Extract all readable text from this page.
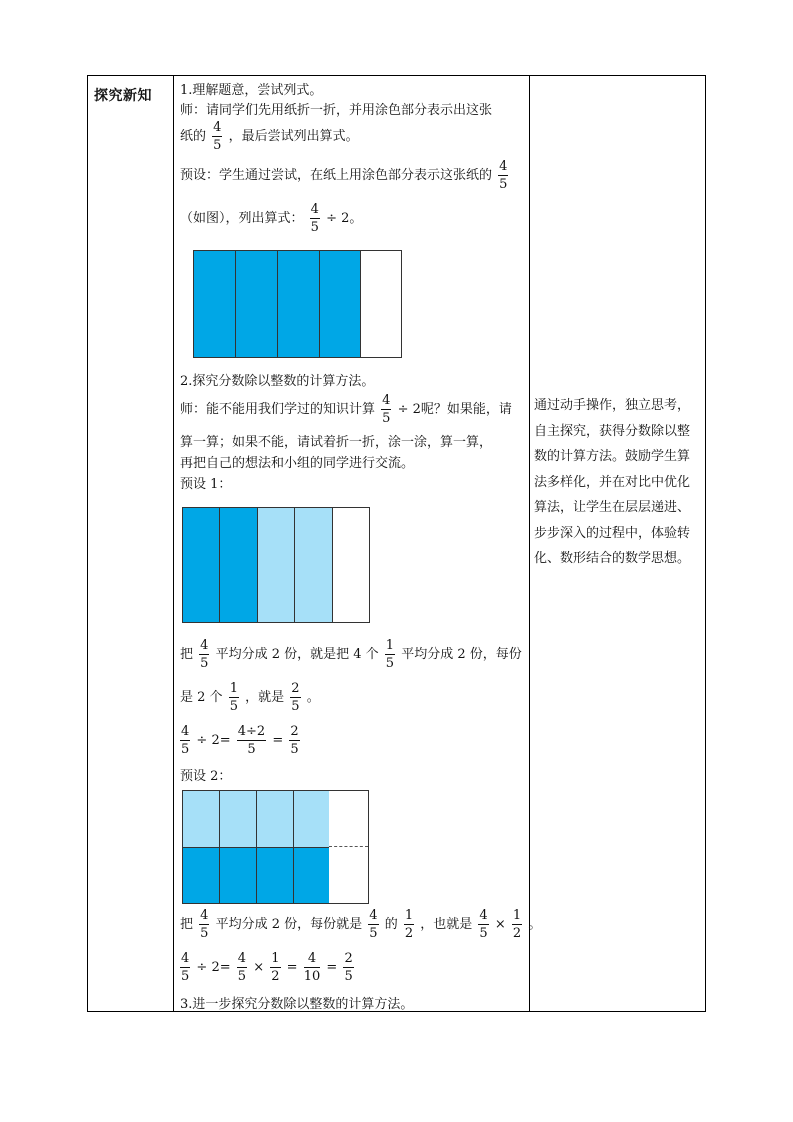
探究新知 1.理解题意，尝试列式。
师：请同学们先用纸折一折，并用涂色部分表示出这张
纸的 $\frac{4}{5}$ ，最后尝试列出算式。
预设：学生通过尝试，在纸上用涂色部分表示这张纸的 $\frac{4}{5}$
（如图），列出算式： $\frac{4}{5} \div 2$。
2.探究分数除以整数的计算方法。
师：能不能用我们学过的知识计算 $\frac{4}{5} \div 2$呢？如果能，请
算一算；如果不能，请试着折一折，涂一涂，算一算，
再把自己的想法和小组的同学进行交流。
预设 1：
把 $\frac{4}{5}$ 平均分成 2 份，就是把 4 个 $\frac{1}{5}$ 平均分成 2 份，每份
是 2 个 $\frac{1}{5}$ ，就是 $\frac{2}{5}$ 。
$\frac{4}{5} \div 2= \frac{4\div 2}{5} = \frac{2}{5}$
预设 2：
把 $\frac{4}{5}$ 平均分成 2 份，每份就是 $\frac{4}{5}$ 的 $\frac{1}{2}$ ，也就是 $\frac{4}{5} \times \frac{1}{2}$ 。
$\frac{4}{5} \div 2= \frac{4}{5} \times \frac{1}{2} = \frac{4}{10} = \frac{2}{5}$
3.进一步探究分数除以整数的计算方法。
通过动手操作，独立思考，自主探究，获得分数除以整数的计算方法。鼓励学生算法多样化，并在对比中优化算法，让学生在层层递进、步步深入的过程中，体验转化、数形结合的数学思想。
